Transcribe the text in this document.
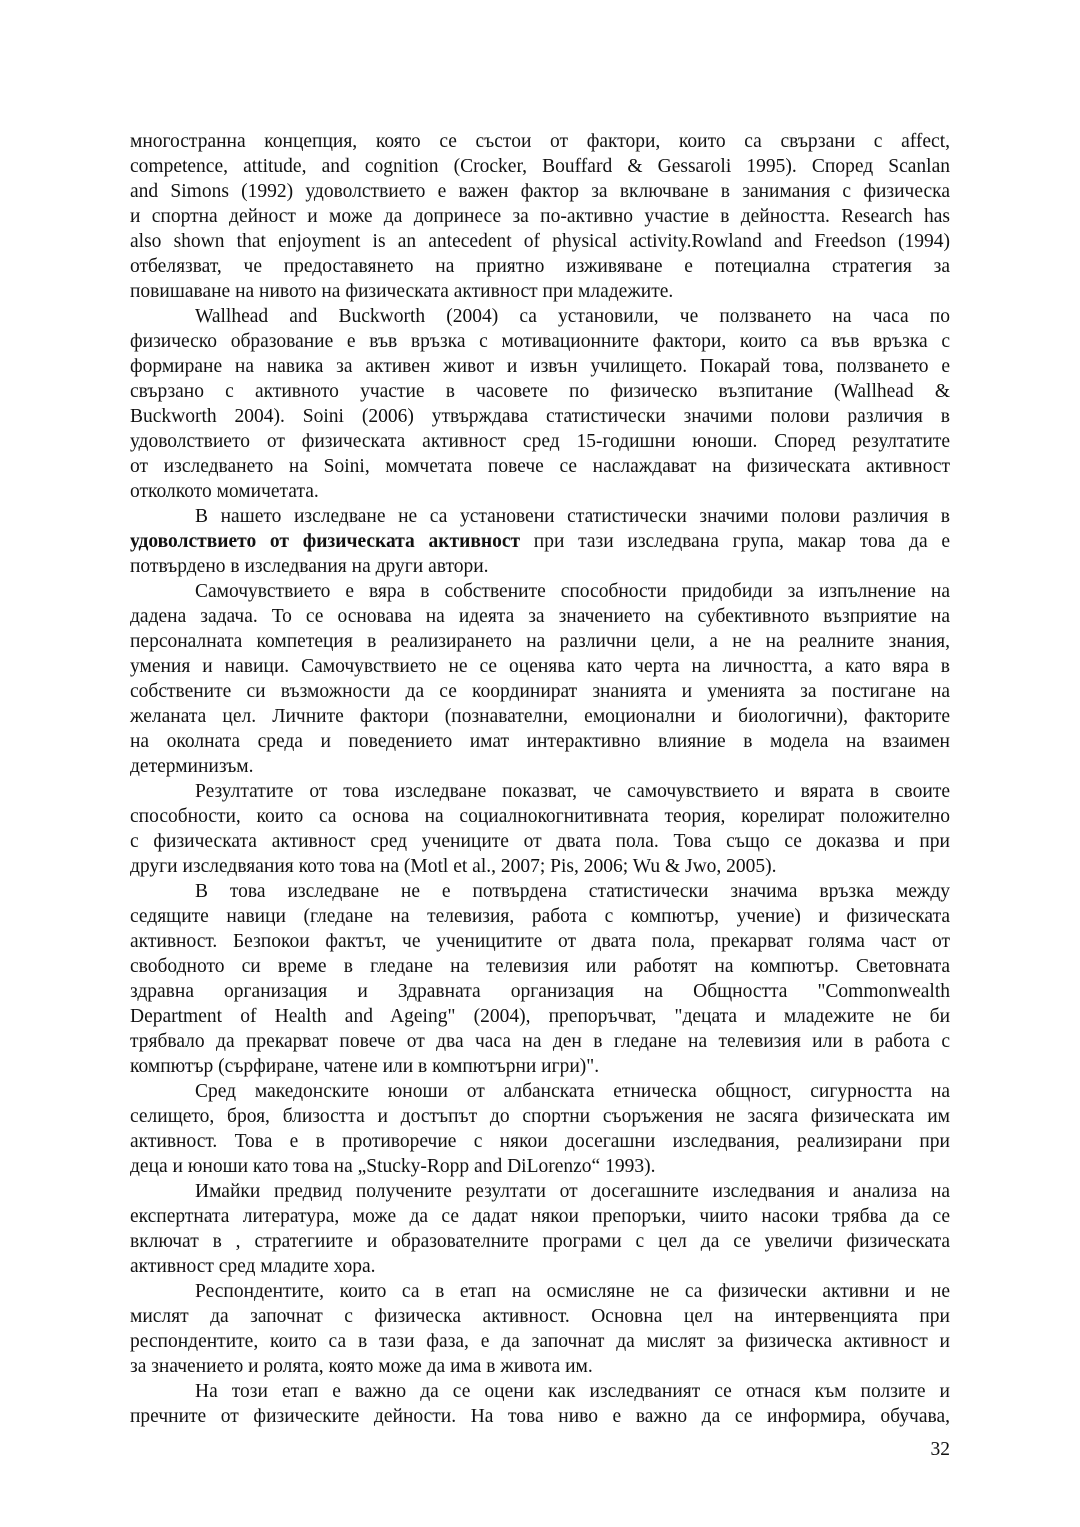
многостранна концепция, която се състои от фактори, които са свързани с affect,
competence, attitude, and cognition (Crocker, Bouffard & Gessaroli 1995). Според Scanlan
and Simons (1992) удоволствието е важен фактор за включване в занимания с физическа
и спортна дейност и може да допринесе за по-активно участие в дейността. Research has
also shown that enjoyment is an antecedent of physical activity.Rowland and Freedson (1994)
отбелязват, че предоставянето на приятно изживяване е потециална стратегия за
повишаване на нивото на физическата активност при младежите.
Wallhead and Buckworth (2004) са установили, че ползването на часа по
физическо образование е във връзка с мотивационните фактори, които са във връзка с
формиране на навика за активен живот и извън училището. Покарай това, ползването е
свързано с активното участие в часовете по физическо възпитание (Wallhead &
Buckworth 2004). Soini (2006) утвърждава статистически значими полови различия в
удоволствието от физическата активност сред 15-годишни юноши. Според резултатите
от изследването на Soini, момчетата повече се наслаждават на физическата активност
отколкото момичетата.
В нашето изследване не са установени статистически значими полови различия в
удоволствието от физическата активност при тази изследвана група, макар това да е
потвърдено в изследвания на други автори.
Самочувствието е вяра в собствените способности придобиди за изпълнение на
дадена задача. То се основава на идеята за значението на субективното възприятие на
персоналната компетеция в реализирането на различни цели, а не на реалните знания,
умения и навици. Самочувствието не се оценява като черта на личността, а като вяра в
собствените си възможности да се координират знанията и уменията за постигане на
желаната цел. Личните фактори (познавателни, емоционални и биологични), факторите
на околната среда и поведението имат интерактивно влияние в модела на взаимен
детерминизъм.
Резултатите от това изследване показват, че самочувствието и вярата в своите
способности, които са основа на социалнокогнитивната теория, корелират положително
с физическата активност сред учениците от двата пола. Това също се доказва и при
други изследвяания кото това на (Motl et al., 2007; Pis, 2006; Wu & Jwo, 2005).
В това изследване не е потвърдена статистически значима връзка между
седящите навици (гледане на телевизия, работа с компютър, учение) и физическата
активност. Безпокои фактът, че ученицитите от двата пола, прекарват голяма част от
свободното си време в гледане на телевизия или работят на компютър. Световната
здравна организация и Здравната организация на Общността "Commonwealth
Department of Health and Ageing" (2004), препоръчват, "децата и младежите не би
трябвало да прекарват повече от два часа на ден в гледане на телевизия или в работа с
компютър (сърфиране, чатене или в компютърни игри)".
Сред македонските юноши от албанската етническа общност, сигурността на
селището, броя, близостта и достъпът до спортни съоръжения не засяга физическата им
активност. Това е в противоречие с някои досегашни изследвания, реализирани при
деца и юноши като това на „Stucky-Ropp and DiLorenzo“ 1993).
Имайки предвид получените резултати от досегашните изследвания и анализа на
експертната литература, може да се дадат някои препоръки, чиито насоки трябва да се
включат в , стратегиите и образователните програми с цел да се увеличи физическата
активност сред младите хора.
Респондентите, които са в етап на осмисляне не са физически активни и не
мислят да започнат с физическа активност. Основна цел на интервенцията при
респондентите, които са в тази фаза, е да започнат да мислят за физическа активност и
за значението и ролята, която може да има в живота им.
На този етап е важно да се оцени как изследваният се отнася към ползите и
пречните от физическите дейности. На това ниво е важно да се информира, обучава,
32
